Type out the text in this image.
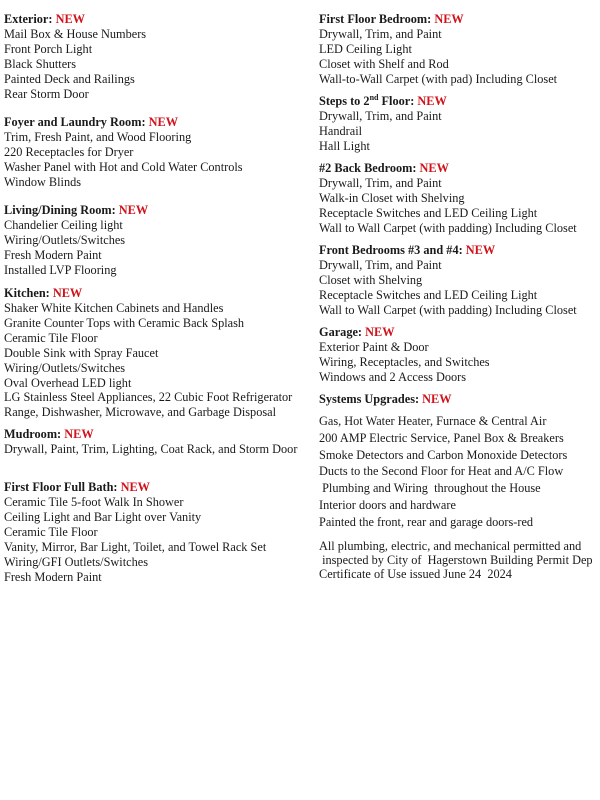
Exterior: NEW
Mail Box & House Numbers
Front Porch Light
Black Shutters
Painted Deck and Railings
Rear Storm Door
Foyer and Laundry Room: NEW
Trim, Fresh Paint, and Wood Flooring
220 Receptacles for Dryer
Washer Panel with Hot and Cold Water Controls
Window Blinds
Living/Dining Room: NEW
Chandelier Ceiling light
Wiring/Outlets/Switches
Fresh Modern Paint
Installed LVP Flooring
Kitchen: NEW
Shaker White Kitchen Cabinets and Handles
Granite Counter Tops with Ceramic Back Splash
Ceramic Tile Floor
Double Sink with Spray Faucet
Wiring/Outlets/Switches
Oval Overhead LED light
LG Stainless Steel Appliances, 22 Cubic Foot Refrigerator
Range, Dishwasher, Microwave, and Garbage Disposal
Mudroom: NEW
Drywall, Paint, Trim, Lighting, Coat Rack, and Storm Door
First Floor Full Bath: NEW
Ceramic Tile 5-foot Walk In Shower
Ceiling Light and Bar Light over Vanity
Ceramic Tile Floor
Vanity, Mirror, Bar Light, Toilet, and Towel Rack Set
Wiring/GFI Outlets/Switches
Fresh Modern Paint
First Floor Bedroom: NEW
Drywall, Trim, and Paint
LED Ceiling Light
Closet with Shelf and Rod
Wall-to-Wall Carpet (with pad) Including Closet
Steps to 2nd Floor: NEW
Drywall, Trim, and Paint
Handrail
Hall Light
#2 Back Bedroom: NEW
Drywall, Trim, and Paint
Walk-in Closet with Shelving
Receptacle Switches and LED Ceiling Light
Wall to Wall Carpet (with padding) Including Closet
Front Bedrooms #3 and #4: NEW
Drywall, Trim, and Paint
Closet with Shelving
Receptacle Switches and LED Ceiling Light
Wall to Wall Carpet (with padding) Including Closet
Garage: NEW
Exterior Paint & Door
Wiring, Receptacles, and Switches
Windows and 2 Access Doors
Systems Upgrades: NEW
Gas, Hot Water Heater, Furnace & Central Air
200 AMP Electric Service, Panel Box & Breakers
Smoke Detectors and Carbon Monoxide Detectors
Ducts to the Second Floor for Heat and A/C Flow
Plumbing and Wiring  throughout the House
Interior doors and hardware
Painted the front, rear and garage doors-red
All plumbing, electric, and mechanical permitted and
inspected by City of  Hagerstown Building Permit Dep
Certificate of Use issued June 24  2024
